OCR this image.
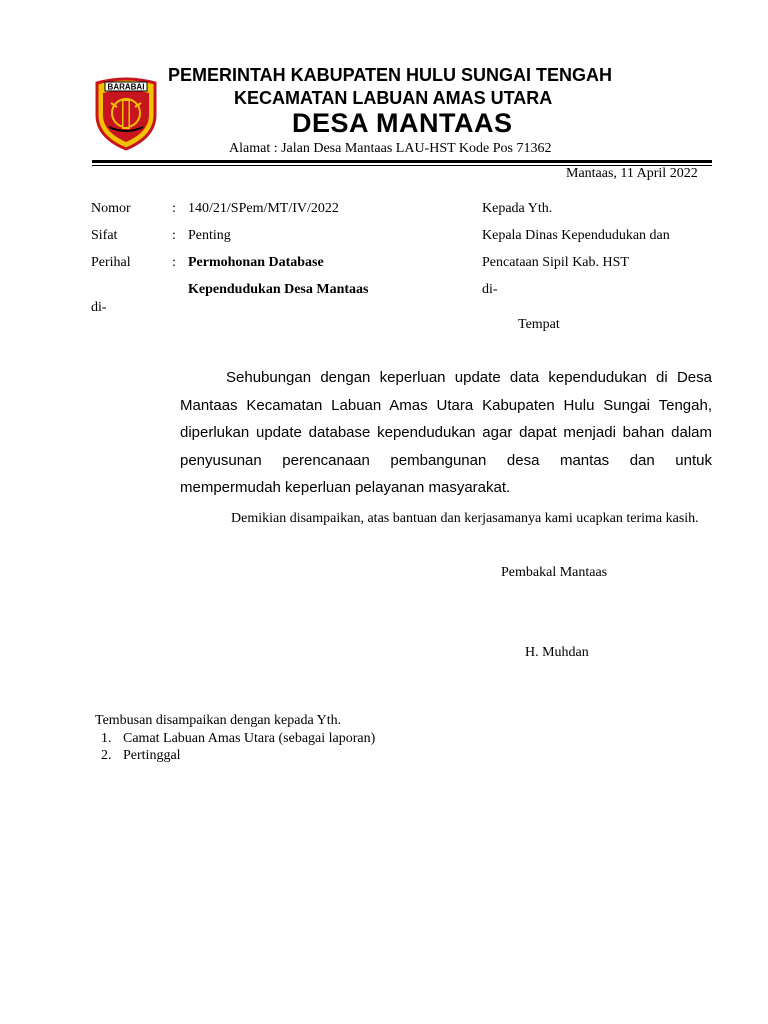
BARABAI
PEMERINTAH KABUPATEN HULU SUNGAI TENGAH
KECAMATAN LABUAN AMAS UTARA
DESA MANTAAS
Alamat : Jalan Desa Mantaas LAU-HST Kode Pos 71362
Mantaas, 11 April 2022
Nomor	: 140/21/SPem/MT/IV/2022
Sifat	: Penting
Perihal	: Permohonan Database
Kependudukan Desa Mantaas
di-
Kepada Yth.
Kepala Dinas Kependudukan dan
Pencataan Sipil Kab. HST
di-
Tempat
Sehubungan dengan keperluan update data kependudukan di Desa Mantaas Kecamatan Labuan Amas Utara Kabupaten Hulu Sungai Tengah, diperlukan update database kependudukan agar dapat menjadi bahan dalam penyusunan perencanaan pembangunan desa mantas dan untuk mempermudah keperluan pelayanan masyarakat.
Demikian disampaikan, atas bantuan dan kerjasamanya kami ucapkan terima kasih.
Pembakal Mantaas
H. Muhdan
Tembusan disampaikan dengan kepada Yth.
1. Camat Labuan Amas Utara (sebagai laporan)
2. Pertinggal
